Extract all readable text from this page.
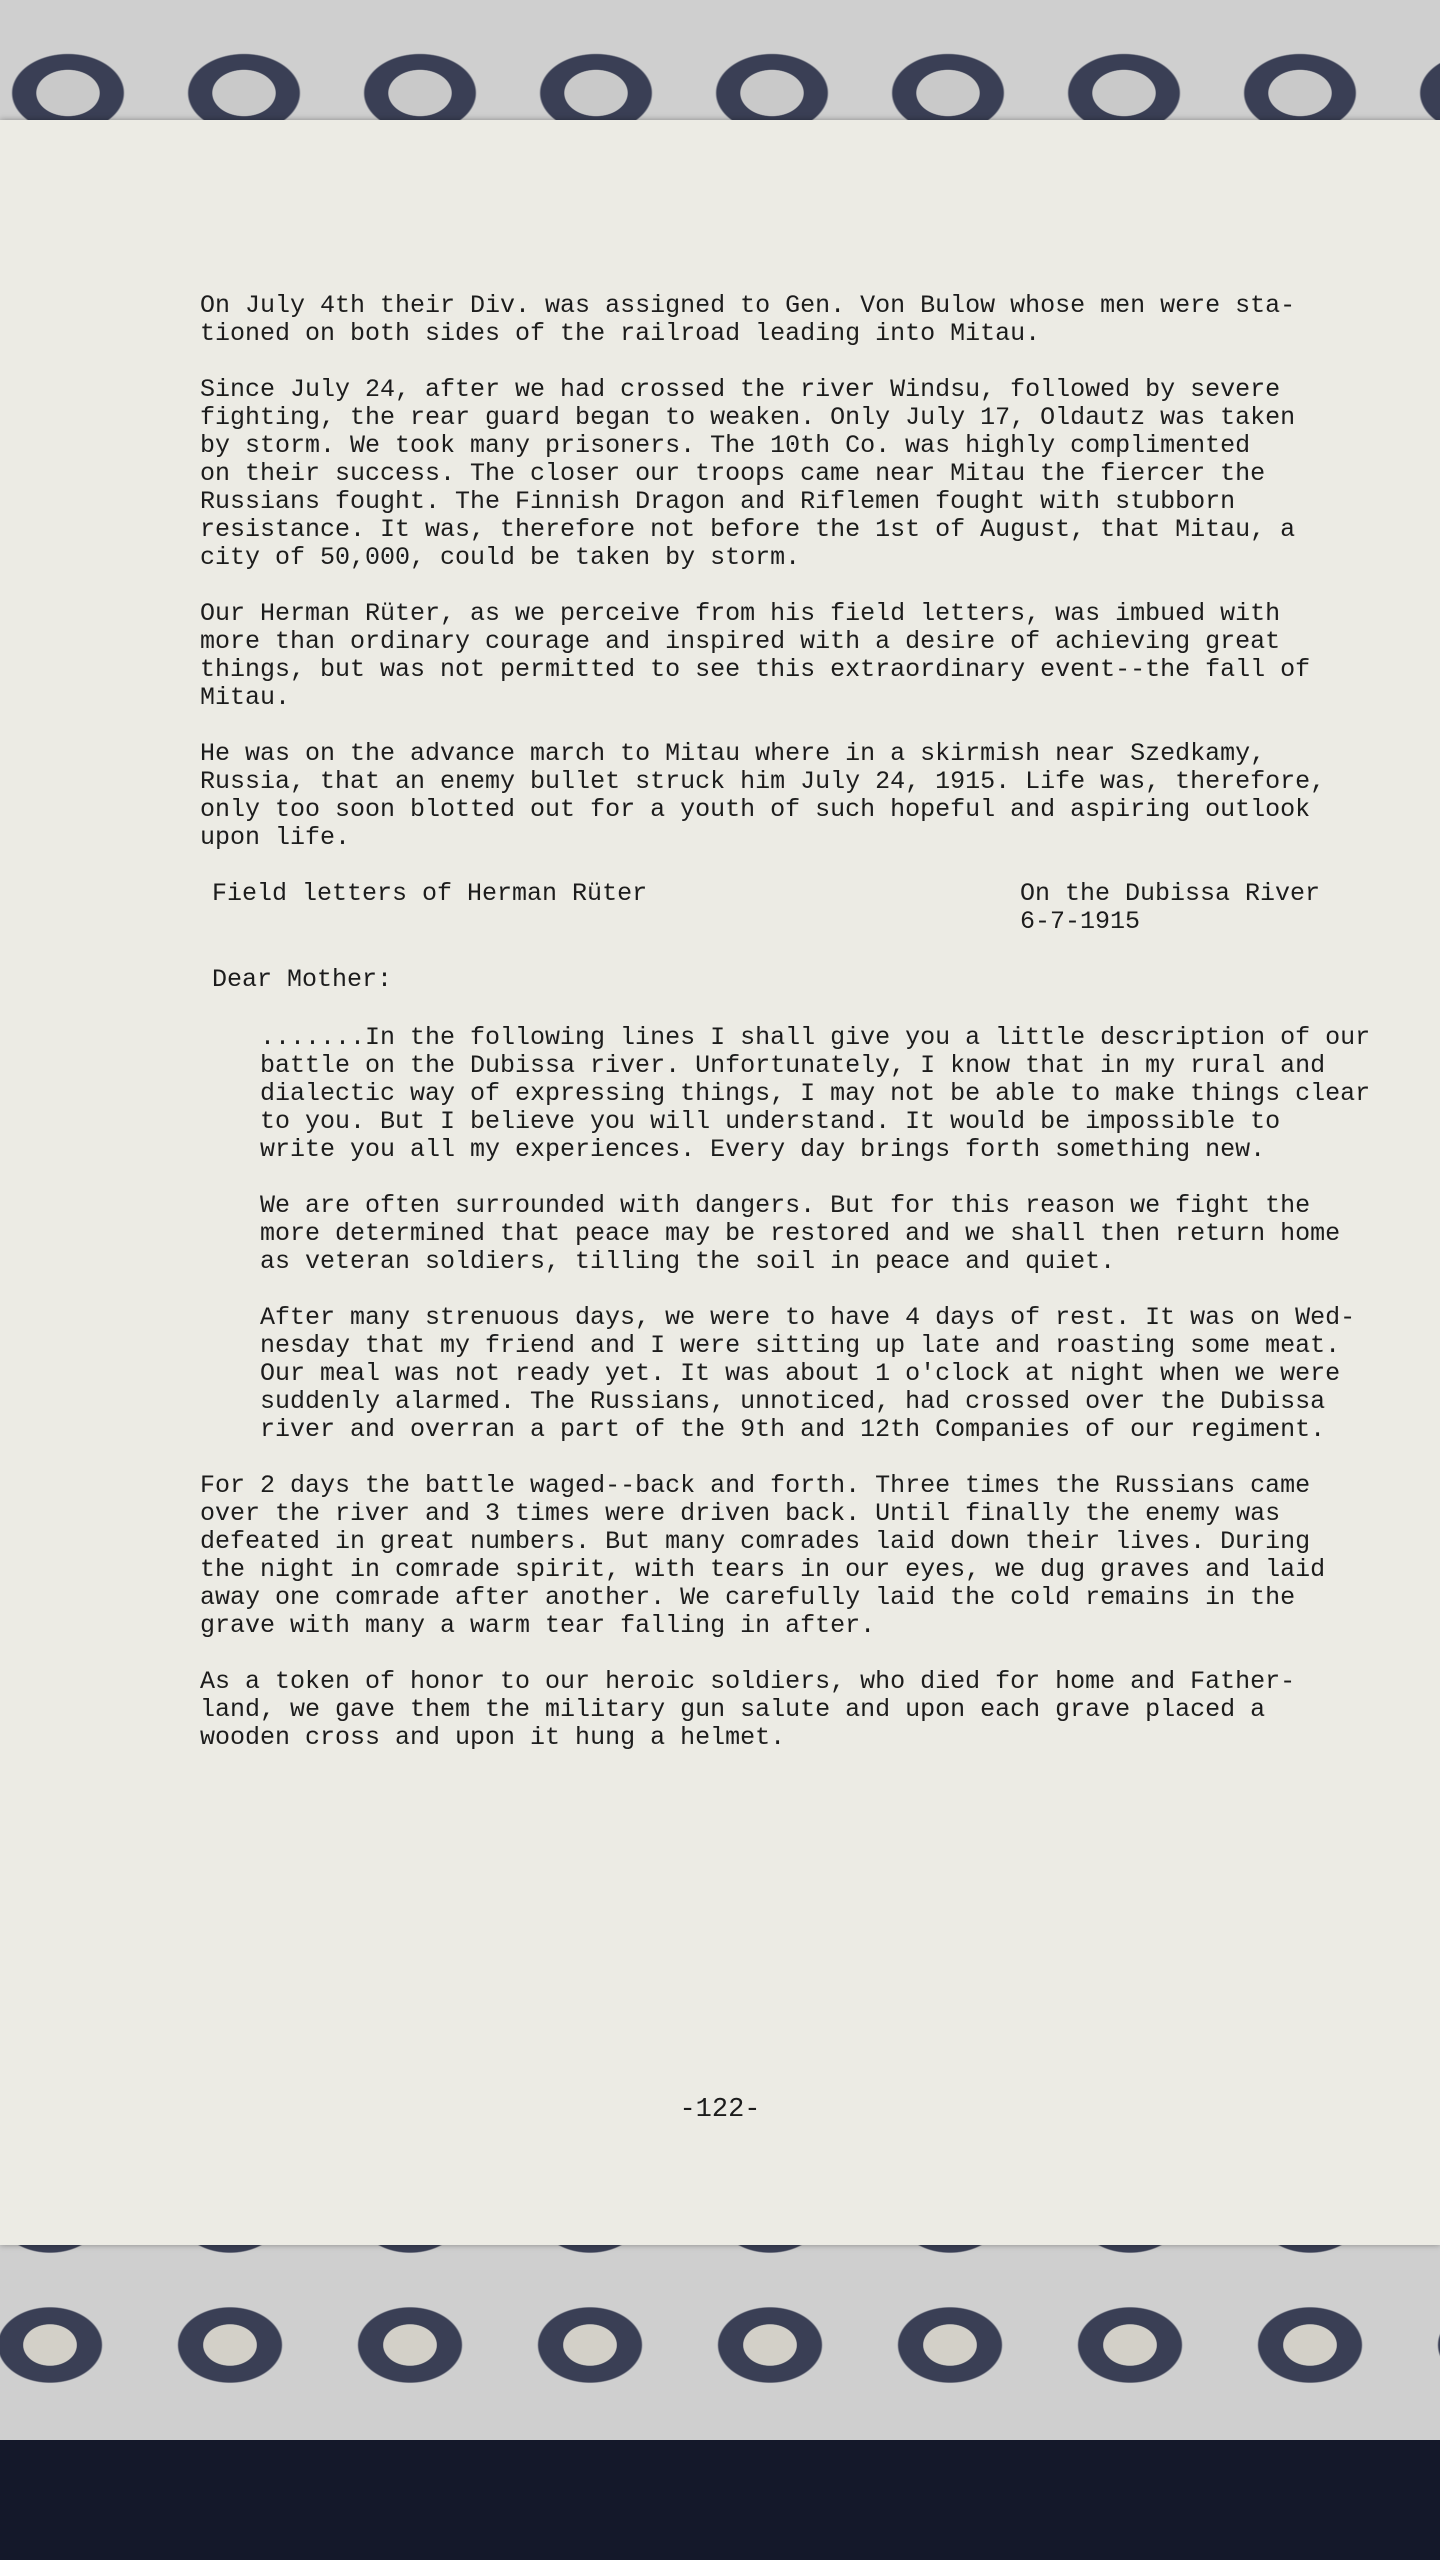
On July 4th their Div. was assigned to Gen. Von Bulow whose men were sta-
tioned on both sides of the railroad leading into Mitau.

Since July 24, after we had crossed the river Windsu, followed by severe
fighting, the rear guard began to weaken. Only July 17, Oldautz was taken
by storm. We took many prisoners. The 10th Co. was highly complimented
on their success. The closer our troops came near Mitau the fiercer the
Russians fought. The Finnish Dragon and Riflemen fought with stubborn
resistance. It was, therefore not before the 1st of August, that Mitau, a
city of 50,000, could be taken by storm.

Our Herman Rüter, as we perceive from his field letters, was imbued with
more than ordinary courage and inspired with a desire of achieving great
things, but was not permitted to see this extraordinary event--the fall of
Mitau.

He was on the advance march to Mitau where in a skirmish near Szedkamy,
Russia, that an enemy bullet struck him July 24, 1915. Life was, therefore,
only too soon blotted out for a youth of such hopeful and aspiring outlook
upon life.

Field letters of Herman Rüter	On the Dubissa River
6-7-1915
Dear Mother:

.......In the following lines I shall give you a little description of our
battle on the Dubissa river. Unfortunately, I know that in my rural and
dialectic way of expressing things, I may not be able to make things clear
to you. But I believe you will understand. It would be impossible to
write you all my experiences. Every day brings forth something new.

We are often surrounded with dangers. But for this reason we fight the
more determined that peace may be restored and we shall then return home
as veteran soldiers, tilling the soil in peace and quiet.

After many strenuous days, we were to have 4 days of rest. It was on Wed-
nesday that my friend and I were sitting up late and roasting some meat.
Our meal was not ready yet. It was about 1 o'clock at night when we were
suddenly alarmed. The Russians, unnoticed, had crossed over the Dubissa
river and overran a part of the 9th and 12th Companies of our regiment.

For 2 days the battle waged--back and forth. Three times the Russians came
over the river and 3 times were driven back. Until finally the enemy was
defeated in great numbers. But many comrades laid down their lives. During
the night in comrade spirit, with tears in our eyes, we dug graves and laid
away one comrade after another. We carefully laid the cold remains in the
grave with many a warm tear falling in after.

As a token of honor to our heroic soldiers, who died for home and Father-
land, we gave them the military gun salute and upon each grave placed a
wooden cross and upon it hung a helmet.

-122-
